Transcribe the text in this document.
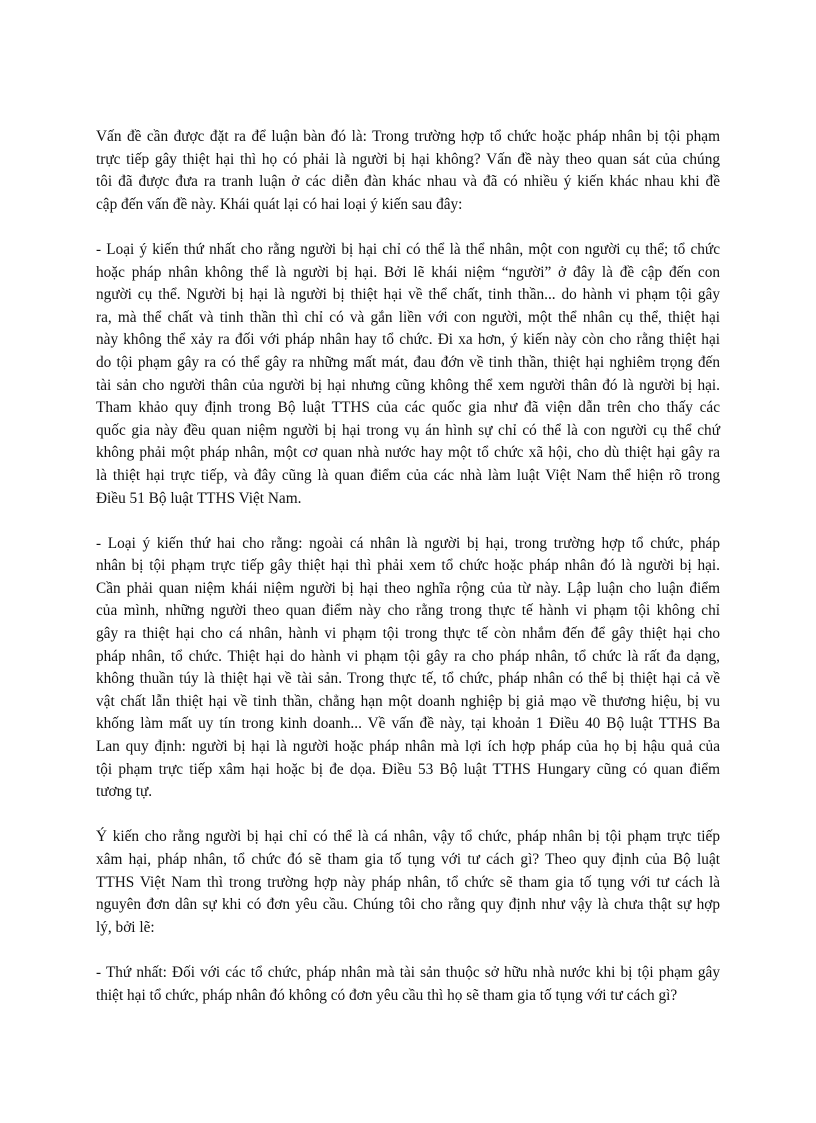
Vấn đề cần được đặt ra để luận bàn đó là: Trong trường hợp tổ chức hoặc pháp nhân bị tội phạm
trực tiếp gây thiệt hại thì họ có phải là người bị hại không? Vấn đề này theo quan sát của chúng
tôi đã được đưa ra tranh luận ở các diễn đàn khác nhau và đã có nhiều ý kiến khác nhau khi đề
cập đến vấn đề này. Khái quát lại có hai loại ý kiến sau đây:
- Loại ý kiến thứ nhất cho rằng người bị hại chỉ có thể là thể nhân, một con người cụ thể; tổ chức
hoặc pháp nhân không thể là người bị hại. Bởi lẽ khái niệm “người” ở đây là đề cập đến con
người cụ thể. Người bị hại là người bị thiệt hại về thể chất, tinh thần... do hành vi phạm tội gây
ra, mà thể chất và tinh thần thì chỉ có và gắn liền với con người, một thể nhân cụ thể, thiệt hại
này không thể xảy ra đối với pháp nhân hay tổ chức. Đi xa hơn, ý kiến này còn cho rằng thiệt hại
do tội phạm gây ra có thể gây ra những mất mát, đau đớn về tinh thần, thiệt hại nghiêm trọng đến
tài sản cho người thân của người bị hại nhưng cũng không thể xem người thân đó là người bị hại.
Tham khảo quy định trong Bộ luật TTHS của các quốc gia như đã viện dẫn trên cho thấy các
quốc gia này đều quan niệm người bị hại trong vụ án hình sự chỉ có thể là con người cụ thể chứ
không phải một pháp nhân, một cơ quan nhà nước hay một tổ chức xã hội, cho dù thiệt hại gây ra
là thiệt hại trực tiếp, và đây cũng là quan điểm của các nhà làm luật Việt Nam thể hiện rõ trong
Điều 51 Bộ luật TTHS Việt Nam.
- Loại ý kiến thứ hai cho rằng: ngoài cá nhân là người bị hại, trong trường hợp tổ chức, pháp
nhân bị tội phạm trực tiếp gây thiệt hại thì phải xem tổ chức hoặc pháp nhân đó là người bị hại.
Cần phải quan niệm khái niệm người bị hại theo nghĩa rộng của từ này. Lập luận cho luận điểm
của mình, những người theo quan điểm này cho rằng trong thực tế hành vi phạm tội không chỉ
gây ra thiệt hại cho cá nhân, hành vi phạm tội trong thực tế còn nhắm đến để gây thiệt hại cho
pháp nhân, tổ chức. Thiệt hại do hành vi phạm tội gây ra cho pháp nhân, tổ chức là rất đa dạng,
không thuần túy là thiệt hại về tài sản. Trong thực tế, tổ chức, pháp nhân có thể bị thiệt hại cả về
vật chất lẫn thiệt hại về tinh thần, chẳng hạn một doanh nghiệp bị giả mạo về thương hiệu, bị vu
khống làm mất uy tín trong kinh doanh... Về vấn đề này, tại khoản 1 Điều 40 Bộ luật TTHS Ba
Lan quy định: người bị hại là người hoặc pháp nhân mà lợi ích hợp pháp của họ bị hậu quả của
tội phạm trực tiếp xâm hại hoặc bị đe dọa. Điều 53 Bộ luật TTHS Hungary cũng có quan điểm
tương tự.
Ý kiến cho rằng người bị hại chỉ có thể là cá nhân, vậy tổ chức, pháp nhân bị tội phạm trực tiếp
xâm hại, pháp nhân, tổ chức đó sẽ tham gia tố tụng với tư cách gì? Theo quy định của Bộ luật
TTHS Việt Nam thì trong trường hợp này pháp nhân, tổ chức sẽ tham gia tố tụng với tư cách là
nguyên đơn dân sự khi có đơn yêu cầu. Chúng tôi cho rằng quy định như vậy là chưa thật sự hợp
lý, bởi lẽ:
- Thứ nhất: Đối với các tổ chức, pháp nhân mà tài sản thuộc sở hữu nhà nước khi bị tội phạm gây
thiệt hại tổ chức, pháp nhân đó không có đơn yêu cầu thì họ sẽ tham gia tố tụng với tư cách gì?
